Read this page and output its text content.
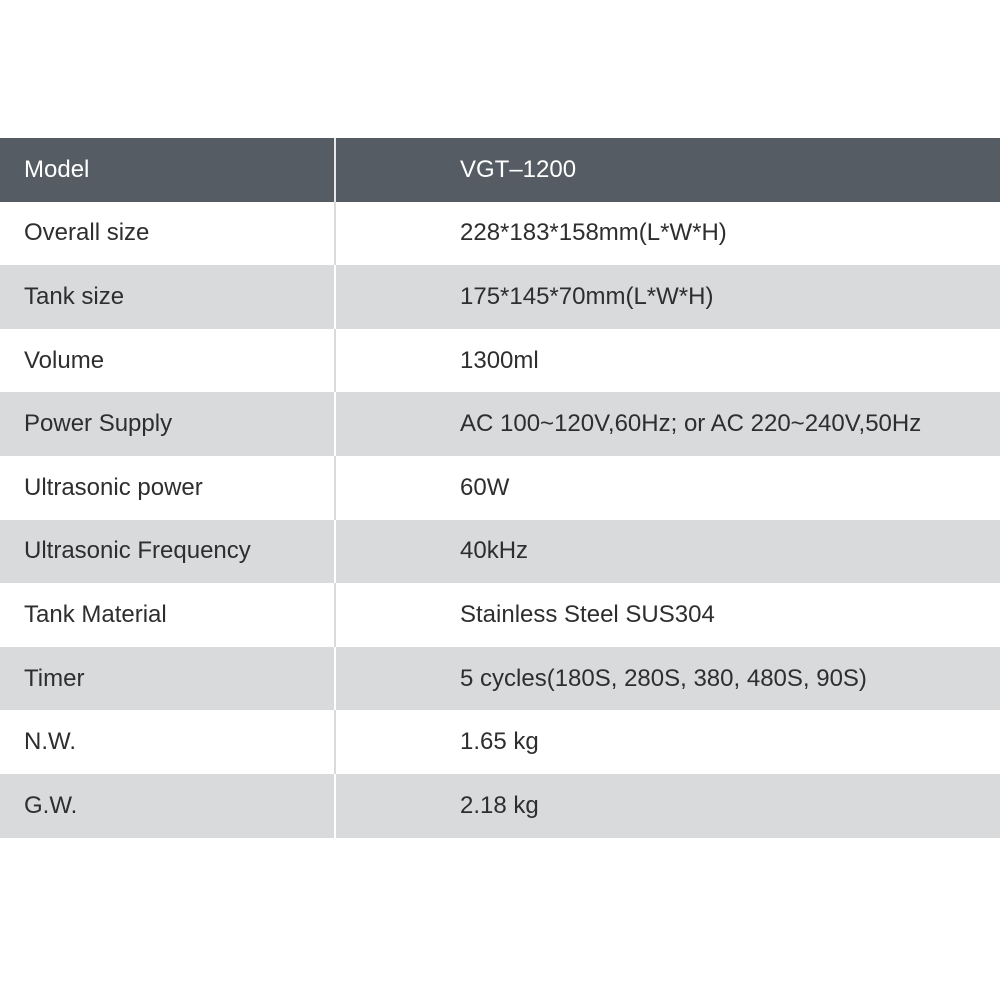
Model	VGT–1200
Overall size	228*183*158mm(L*W*H)
Tank size	175*145*70mm(L*W*H)
Volume	1300ml
Power Supply	AC 100~120V,60Hz; or AC 220~240V,50Hz
Ultrasonic power	60W
Ultrasonic Frequency	40kHz
Tank Material	Stainless Steel SUS304
Timer	5 cycles(180S, 280S, 380, 480S, 90S)
N.W.	1.65 kg
G.W.	2.18 kg
